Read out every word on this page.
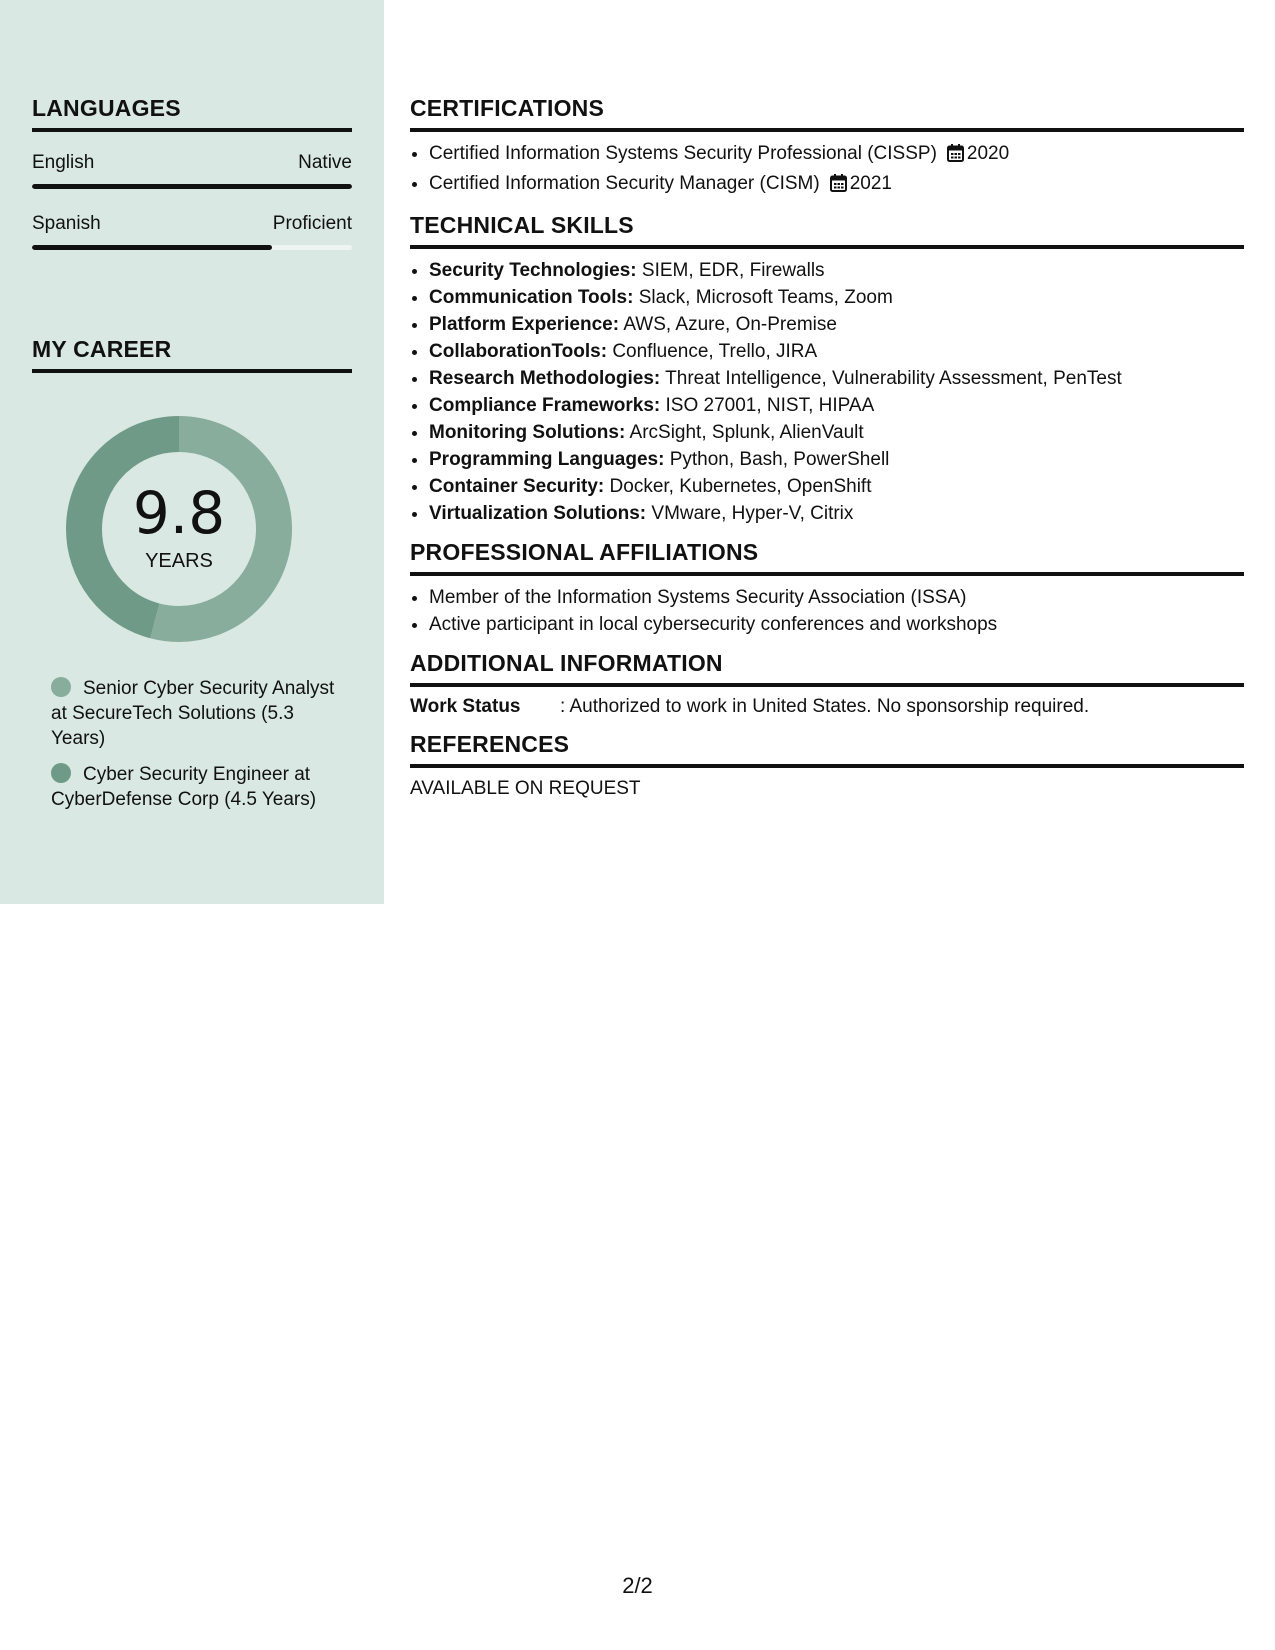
LANGUAGES
English	Native
Spanish	Proficient
MY CAREER
9.8
YEARS
Senior Cyber Security Analyst at SecureTech Solutions (5.3 Years)
Cyber Security Engineer at CyberDefense Corp (4.5 Years)
CERTIFICATIONS
• Certified Information Systems Security Professional (CISSP) 2020
• Certified Information Security Manager (CISM) 2021
TECHNICAL SKILLS
• Security Technologies: SIEM, EDR, Firewalls
• Communication Tools: Slack, Microsoft Teams, Zoom
• Platform Experience: AWS, Azure, On-Premise
• CollaborationTools: Confluence, Trello, JIRA
• Research Methodologies: Threat Intelligence, Vulnerability Assessment, PenTest
• Compliance Frameworks: ISO 27001, NIST, HIPAA
• Monitoring Solutions: ArcSight, Splunk, AlienVault
• Programming Languages: Python, Bash, PowerShell
• Container Security: Docker, Kubernetes, OpenShift
• Virtualization Solutions: VMware, Hyper-V, Citrix
PROFESSIONAL AFFILIATIONS
• Member of the Information Systems Security Association (ISSA)
• Active participant in local cybersecurity conferences and workshops
ADDITIONAL INFORMATION
Work Status	: Authorized to work in United States. No sponsorship required.
REFERENCES
AVAILABLE ON REQUEST
2/2
